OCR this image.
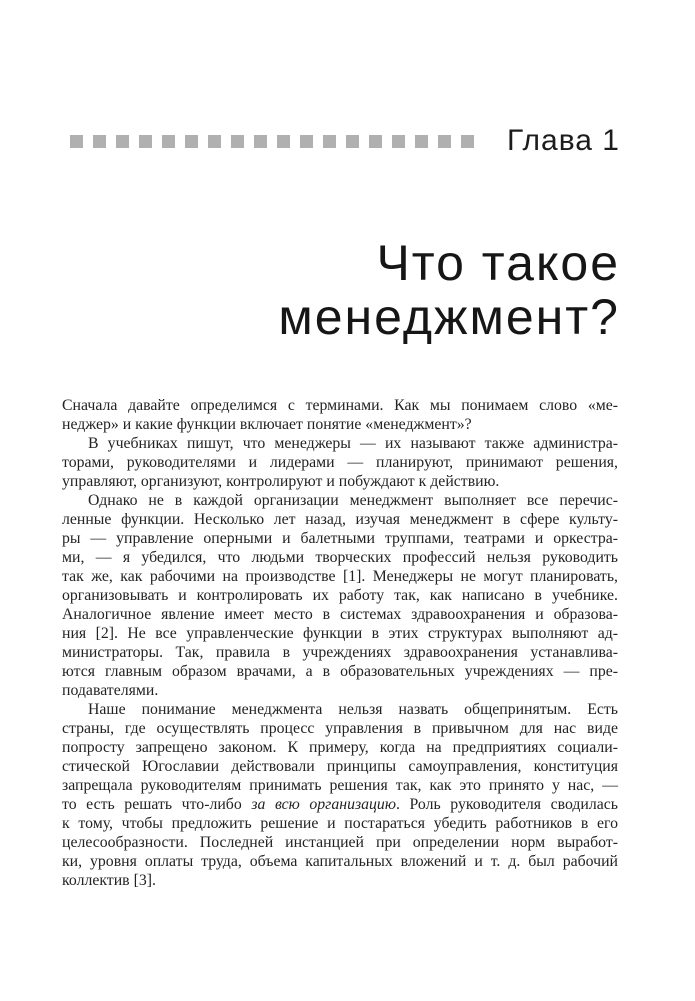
Глава 1
Что такое
менеджмент?
Сначала давайте определимся с терминами. Как мы понимаем слово «ме-
неджер» и какие функции включает понятие «менеджмент»?
В учебниках пишут, что менеджеры — их называют также администра-
торами, руководителями и лидерами — планируют, принимают решения,
управляют, организуют, контролируют и побуждают к действию.
Однако не в каждой организации менеджмент выполняет все перечис-
ленные функции. Несколько лет назад, изучая менеджмент в сфере культу-
ры — управление оперными и балетными труппами, театрами и оркестра-
ми, — я убедился, что людьми творческих профессий нельзя руководить
так же, как рабочими на производстве [1]. Менеджеры не могут планировать,
организовывать и контролировать их работу так, как написано в учебнике.
Аналогичное явление имеет место в системах здравоохранения и образова-
ния [2]. Не все управленческие функции в этих структурах выполняют ад-
министраторы. Так, правила в учреждениях здравоохранения устанавлива-
ются главным образом врачами, а в образовательных учреждениях — пре-
подавателями.
Наше понимание менеджмента нельзя назвать общепринятым. Есть
страны, где осуществлять процесс управления в привычном для нас виде
попросту запрещено законом. К примеру, когда на предприятиях социали-
стической Югославии действовали принципы самоуправления, конституция
запрещала руководителям принимать решения так, как это принято у нас, —
то есть решать что-либо за всю организацию. Роль руководителя сводилась
к тому, чтобы предложить решение и постараться убедить работников в его
целесообразности. Последней инстанцией при определении норм выработ-
ки, уровня оплаты труда, объема капитальных вложений и т. д. был рабочий
коллектив [3].
